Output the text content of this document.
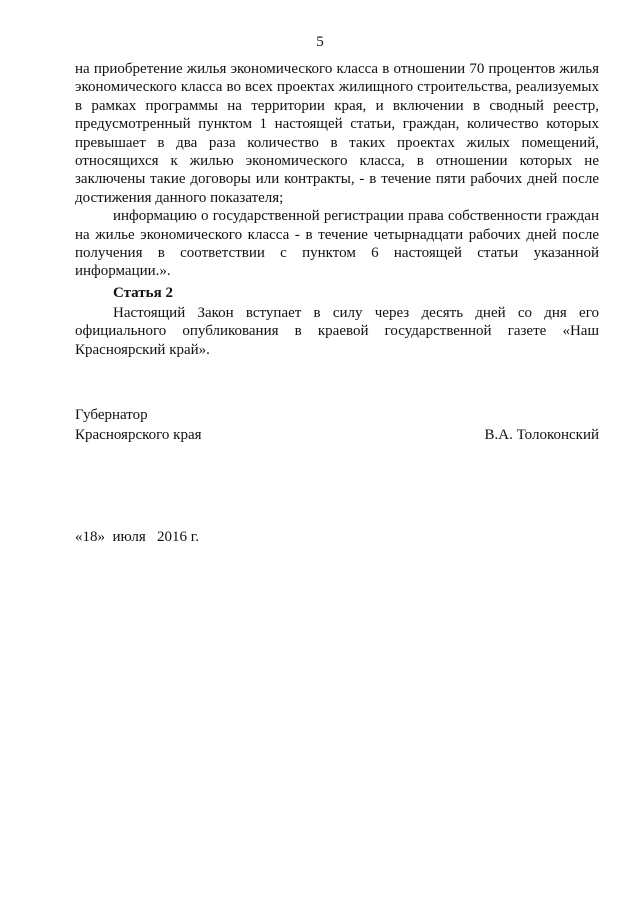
5

на приобретение жилья экономического класса в отношении 70 процентов жилья экономического класса во всех проектах жилищного строительства, реализуемых в рамках программы на территории края, и включении в сводный реестр, предусмотренный пунктом 1 настоящей статьи, граждан, количество которых превышает в два раза количество в таких проектах жилых помещений, относящихся к жилью экономического класса, в отношении которых не заключены такие договоры или контракты, - в течение пяти рабочих дней после достижения данного показателя;

информацию о государственной регистрации права собственности граждан на жилье экономического класса - в течение четырнадцати рабочих дней после получения в соответствии с пунктом 6 настоящей статьи указанной информации.».

Статья 2

Настоящий Закон вступает в силу через десять дней со дня его официального опубликования в краевой государственной газете «Наш Красноярский край».

Губернатор
Красноярского края	В.А. Толоконский
«18»  июля   2016 г.
